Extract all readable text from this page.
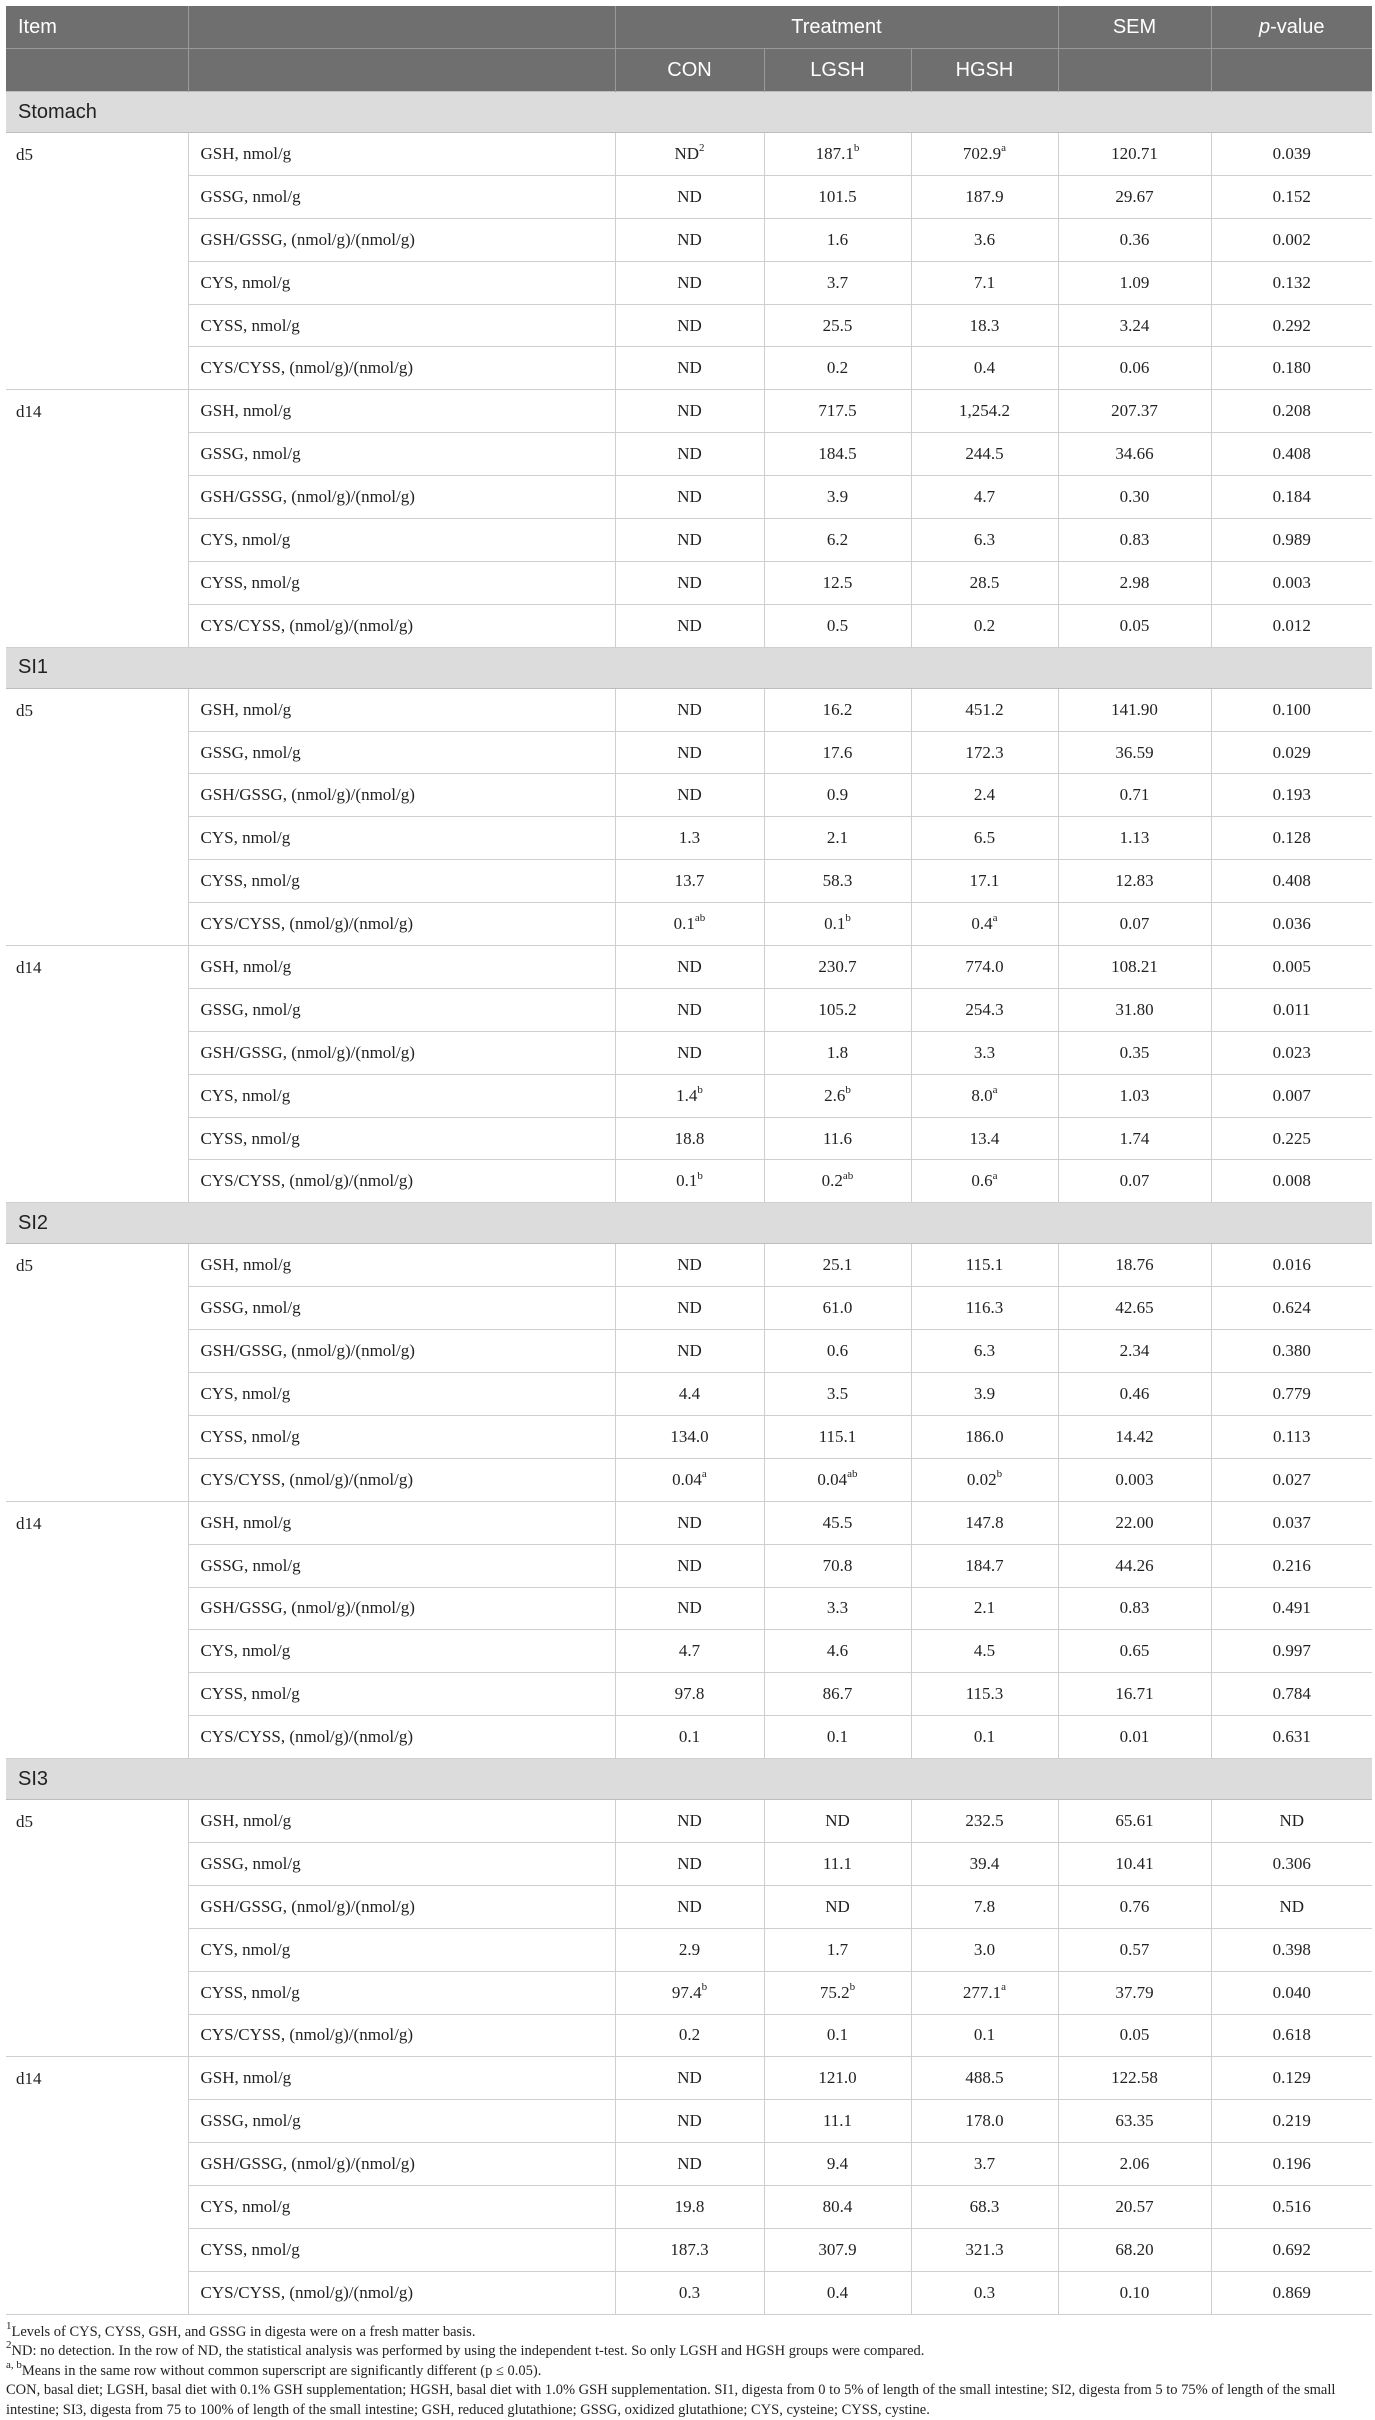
Item		Treatment			SEM	p-value
		CON	LGSH	HGSH		
Stomach						
d5	GSH, nmol/g	$ND^2$	187.1$^b$	702.9$^a$	120.71	0.039
	GSSG, nmol/g	ND	101.5	187.9	29.67	0.152
	GSH/GSSG, (nmol/g)/(nmol/g)	ND	1.6	3.6	0.36	0.002
	CYS, nmol/g	ND	3.7	7.1	1.09	0.132
	CYSS, nmol/g	ND	25.5	18.3	3.24	0.292
	CYS/CYSS, (nmol/g)/(nmol/g)	ND	0.2	0.4	0.06	0.180
d14	GSH, nmol/g	ND	717.5	1,254.2	207.37	0.208
	GSSG, nmol/g	ND	184.5	244.5	34.66	0.408
	GSH/GSSG, (nmol/g)/(nmol/g)	ND	3.9	4.7	0.30	0.184
	CYS, nmol/g	ND	6.2	6.3	0.83	0.989
	CYSS, nmol/g	ND	12.5	28.5	2.98	0.003
	CYS/CYSS, (nmol/g)/(nmol/g)	ND	0.5	0.2	0.05	0.012
SI1						
d5	GSH, nmol/g	ND	16.2	451.2	141.90	0.100
	GSSG, nmol/g	ND	17.6	172.3	36.59	0.029
	GSH/GSSG, (nmol/g)/(nmol/g)	ND	0.9	2.4	0.71	0.193
	CYS, nmol/g	1.3	2.1	6.5	1.13	0.128
	CYSS, nmol/g	13.7	58.3	17.1	12.83	0.408
	CYS/CYSS, (nmol/g)/(nmol/g)	0.1$^{ab}$	0.1$^b$	0.4$^a$	0.07	0.036
d14	GSH, nmol/g	ND	230.7	774.0	108.21	0.005
	GSSG, nmol/g	ND	105.2	254.3	31.80	0.011
	GSH/GSSG, (nmol/g)/(nmol/g)	ND	1.8	3.3	0.35	0.023
	CYS, nmol/g	1.4$^b$	2.6$^b$	8.0$^a$	1.03	0.007
	CYSS, nmol/g	18.8	11.6	13.4	1.74	0.225
	CYS/CYSS, (nmol/g)/(nmol/g)	0.1$^b$	0.2$^{ab}$	0.6$^a$	0.07	0.008
SI2						
d5	GSH, nmol/g	ND	25.1	115.1	18.76	0.016
	GSSG, nmol/g	ND	61.0	116.3	42.65	0.624
	GSH/GSSG, (nmol/g)/(nmol/g)	ND	0.6	6.3	2.34	0.380
	CYS, nmol/g	4.4	3.5	3.9	0.46	0.779
	CYSS, nmol/g	134.0	115.1	186.0	14.42	0.113
	CYS/CYSS, (nmol/g)/(nmol/g)	0.04$^a$	0.04$^{ab}$	0.02$^b$	0.003	0.027
d14	GSH, nmol/g	ND	45.5	147.8	22.00	0.037
	GSSG, nmol/g	ND	70.8	184.7	44.26	0.216
	GSH/GSSG, (nmol/g)/(nmol/g)	ND	3.3	2.1	0.83	0.491
	CYS, nmol/g	4.7	4.6	4.5	0.65	0.997
	CYSS, nmol/g	97.8	86.7	115.3	16.71	0.784
	CYS/CYSS, (nmol/g)/(nmol/g)	0.1	0.1	0.1	0.01	0.631
SI3						
d5	GSH, nmol/g	ND	ND	232.5	65.61	ND
	GSSG, nmol/g	ND	11.1	39.4	10.41	0.306
	GSH/GSSG, (nmol/g)/(nmol/g)	ND	ND	7.8	0.76	ND
	CYS, nmol/g	2.9	1.7	3.0	0.57	0.398
	CYSS, nmol/g	97.4$^b$	75.2$^b$	277.1$^a$	37.79	0.040
	CYS/CYSS, (nmol/g)/(nmol/g)	0.2	0.1	0.1	0.05	0.618
d14	GSH, nmol/g	ND	121.0	488.5	122.58	0.129
	GSSG, nmol/g	ND	11.1	178.0	63.35	0.219
	GSH/GSSG, (nmol/g)/(nmol/g)	ND	9.4	3.7	2.06	0.196
	CYS, nmol/g	19.8	80.4	68.3	20.57	0.516
	CYSS, nmol/g	187.3	307.9	321.3	68.20	0.692
	CYS/CYSS, (nmol/g)/(nmol/g)	0.3	0.4	0.3	0.10	0.869

$^1$Levels of CYS, CYSS, GSH, and GSSG in digesta were on a fresh matter basis.

$^2$ND: no detection. In the row of ND, the statistical analysis was performed by using the independent t-test. So only LGSH and HGSH groups were compared.

$^{a, b}$Means in the same row without common superscript are significantly different (p ≤ 0.05).

CON, basal diet; LGSH, basal diet with 0.1% GSH supplementation; HGSH, basal diet with 1.0% GSH supplementation. SI1, digesta from 0 to 5% of length of the small intestine; SI2, digesta from 5 to 75% of length of the small intestine; SI3, digesta from 75 to 100% of length of the small intestine; GSH, reduced glutathione; GSSG, oxidized glutathione; CYS, cysteine; CYSS, cystine.
